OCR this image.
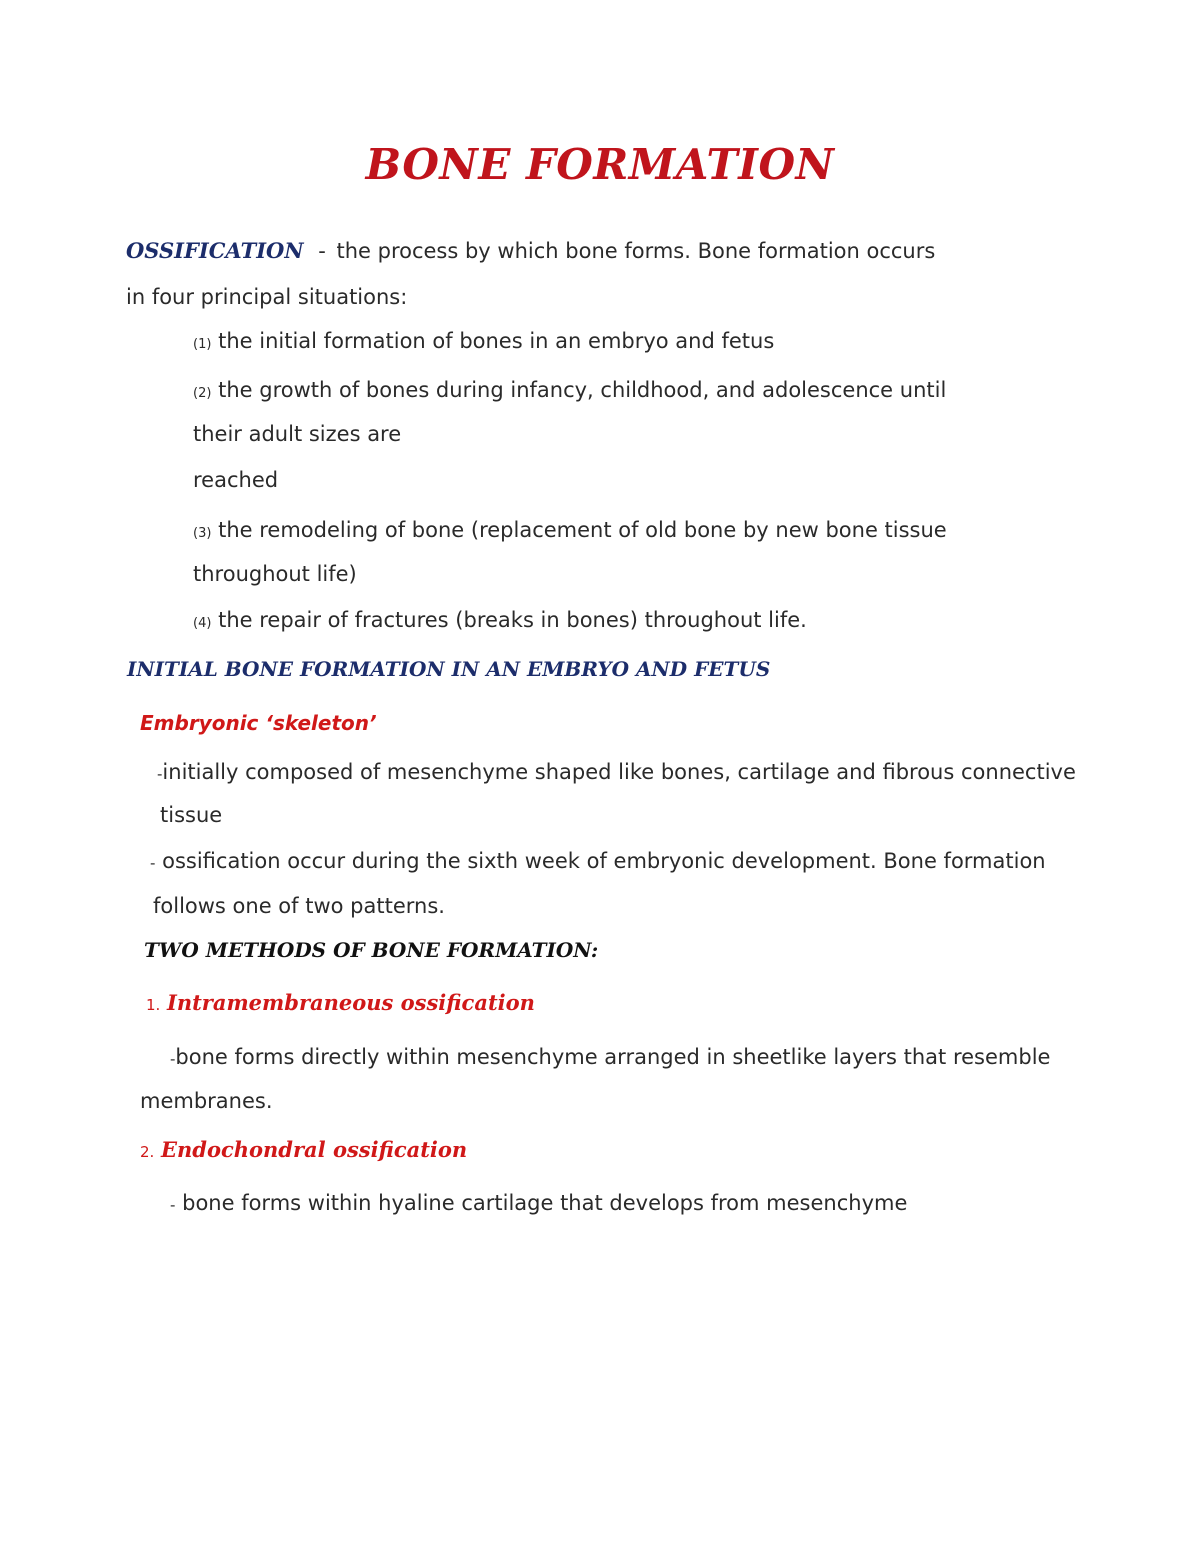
BONE FORMATION
OSSIFICATION - the process by which bone forms. Bone formation occurs
in four principal situations:
(1) the initial formation of bones in an embryo and fetus
(2) the growth of bones during infancy, childhood, and adolescence until
their adult sizes are
reached
(3) the remodeling of bone (replacement of old bone by new bone tissue
throughout life)
(4) the repair of fractures (breaks in bones) throughout life.
INITIAL BONE FORMATION IN AN EMBRYO AND FETUS
Embryonic ‘skeleton’
-initially composed of mesenchyme shaped like bones, cartilage and fibrous connective
tissue
- ossification occur during the sixth week of embryonic development. Bone formation
follows one of two patterns.
TWO METHODS OF BONE FORMATION:
1. Intramembraneous ossification
-bone forms directly within mesenchyme arranged in sheetlike layers that resemble
membranes.
2. Endochondral ossification
- bone forms within hyaline cartilage that develops from mesenchyme
